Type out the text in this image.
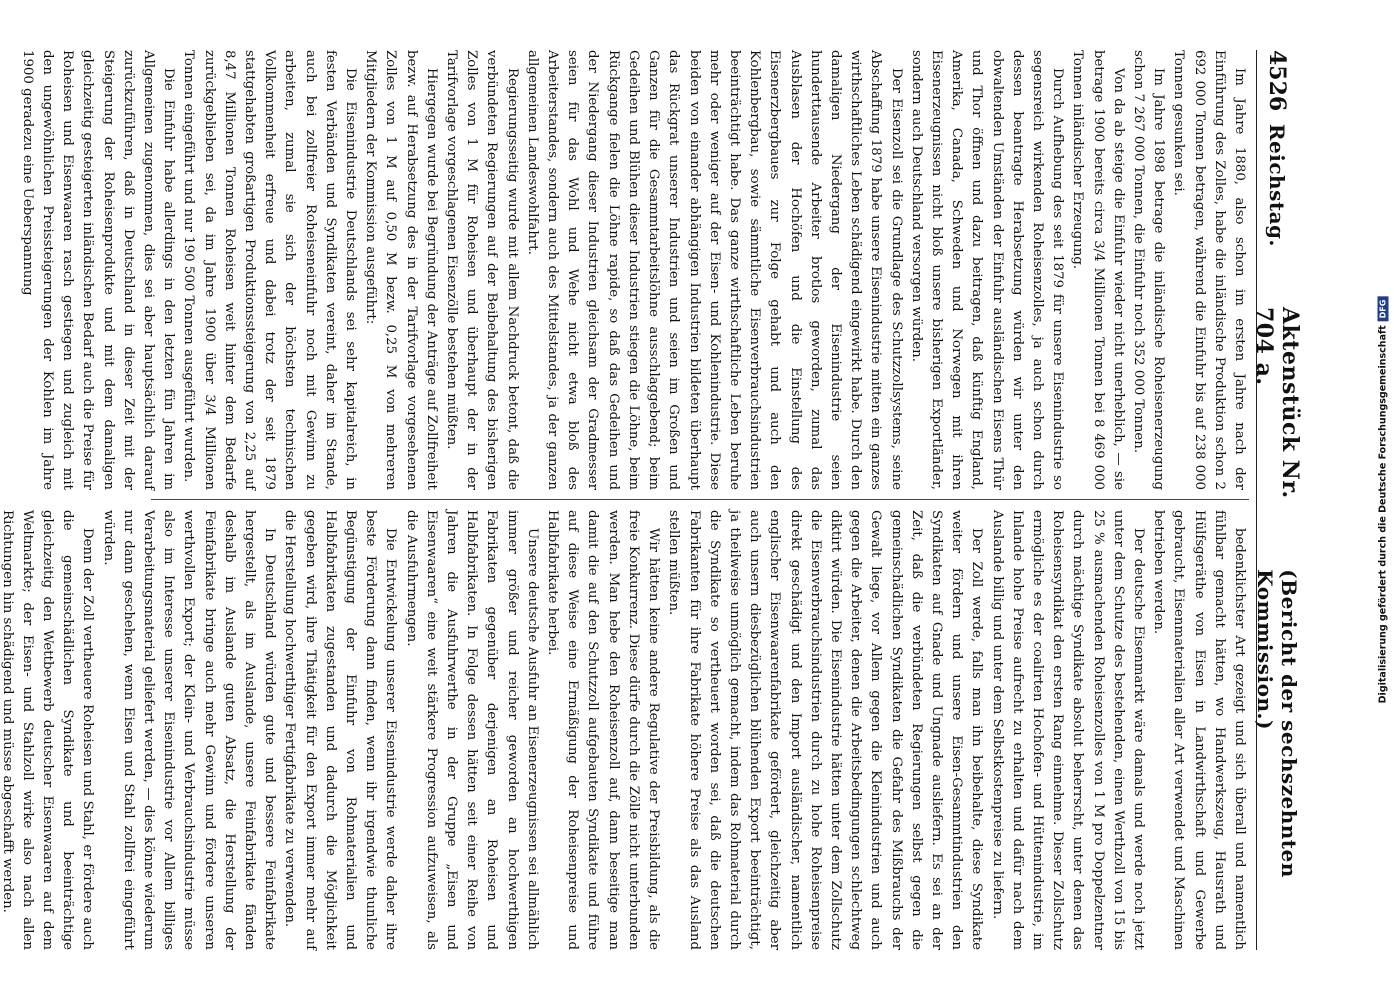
4526
Reichstag.
Aktenstück Nr. 704 a.
(Bericht der sechszehnten Kommission.)

Im Jahre 1880, also schon im ersten Jahre nach der Einführung des Zolles, habe die inländische Produktion schon 2 692 000 Tonnen betragen, während die Einfuhr bis auf 238 000 Tonnen gesunken sei.

Im Jahre 1898 betrage die inländische Roheisenerzeugung schon 7 267 000 Tonnen, die Einfuhr noch 352 000 Tonnen.

Von da ab steige die Einfuhr wieder nicht unerheblich, — sie betrage 1900 bereits circa 3/4 Millionen Tonnen bei 8 469 000 Tonnen inländischer Erzeugung.

Durch Aufhebung des seit 1879 für unsere Eisenindustrie so segensreich wirkenden Roheisenzolles, ja auch schon durch dessen beantragte Herabsetzung würden wir unter den obwaltenden Umständen der Einfuhr ausländischen Eisens Thür und Thor öffnen und dazu beitragen, daß künftig England, Amerika, Canada, Schweden und Norwegen mit ihren Eisenerzeugnissen nicht bloß unsere bisherigen Exportländer, sondern auch Deutschland versorgen würden.

Der Eisenzoll sei die Grundlage des Schutzzollsystems, seine Abschaffung 1879 habe unsere Eisenindustrie mitten ein ganzes wirthschaftliches Leben schädigend eingewirkt habe. Durch den damaligen Niedergang der Eisenindustrie seien hunderttausende Arbeiter brotlos geworden, zumal das Ausblasen der Hochöfen und die Einstellung des Eisenerzbergbaues zur Folge gehabt und auch den Kohlenbergbau, sowie sämmtliche Eisenverbrauchsindustrien beeinträchtigt habe. Das ganze wirthschaftliche Leben beruhe mehr oder weniger auf der Eisen- und Kohlenindustrie. Diese beiden von einander abhängigen Industrien bildeten überhaupt das Rückgrat unserer Industrien und seien im Großen und Ganzen für die Gesammtarbeitslöhne ausschlaggebend; beim Gedeihen und Blühen dieser Industrien stiegen die Löhne, beim Rückgange fielen die Löhne rapide, so daß das Gedeihen und der Niedergang dieser Industrien gleichsam der Gradmesser seien für das Wohl und Wehe nicht etwa bloß des Arbeiterstandes, sondern auch des Mittelstandes, ja der ganzen allgemeinen Landeswohlfahrt.

Regierungsseitig wurde mit allem Nachdruck betont, daß die verbündeten Regierungen auf der Beibehaltung des bisherigen Zolles von 1 M für Roheisen und überhaupt der in der Tarifvorlage vorgeschlagenen Eisenzölle bestehen müßten.

Hiergegen wurde bei Begründung der Anträge auf Zollfreiheit bezw. auf Herabsetzung des in der Tarifvorlage vorgesehenen Zolles von 1 M auf 0,50 M bezw. 0,25 M von mehreren Mitgliedern der Kommission ausgeführt:

Die Eisenindustrie Deutschlands sei sehr kapitalreich, in festen Verbänden und Syndikaten vereint, daher im Stande, auch bei zollfreier Roheiseneinfuhr noch mit Gewinn zu arbeiten, zumal sie sich der höchsten technischen Vollkommenheit erfreue und dabei trotz der seit 1879 stattgehabten großartigen Produktionssteigerung von 2,25 auf 8,47 Millionen Tonnen Roheisen weit hinter dem Bedarfe zurückgeblieben sei, da im Jahre 1900 über 3/4 Millionen Tonnen eingeführt und nur 190 500 Tonnen ausgeführt wurden.

Die Einfuhr habe allerdings in den letzten fün Jahren im Allgemeinen zugenommen, dies sei aber hauptsächlich darauf zurückzuführen, daß in Deutschland in dieser Zeit mit der Steigerung der Roheisenprodukte und mit dem damaligen gleichzeitig gesteigerten inländischen Bedarf auch die Preise für Roheisen und Eisenwaaren rasch gestiegen und zugleich mit den ungewöhnlichen Preissteigerungen der Kohlen im Jahre 1900 geradezu eine Ueberspannung

bedenklichster Art gezeigt und sich überall und namentlich fühlbar gemacht hätten, wo Handwerkszeug, Hausrath und Hülfsgeräthe von Eisen in Landwirthschaft und Gewerbe gebraucht, Eisenmaterialien aller Art verwendet und Maschinen betrieben werden.

Der deutsche Eisenmarkt wäre damals und werde noch jetzt unter dem Schutze des bestehenden, einen Werthzoll von 15 bis 25 % ausmachenden Roheisenzolles von 1 M pro Doppelzentner durch mächtige Syndikate absolut beherrscht, unter denen das Roheisensyndikat den ersten Rang einnehme. Dieser Zollschutz ermögliche es der coalirten Hochofen- und Hüttenindustrie, im Inlande hohe Preise aufrecht zu erhalten und dafür nach dem Auslande billig und unter dem Selbstkostenpreise zu liefern.

Der Zoll werde, falls man ihn beibehalte, diese Syndikate weiter fördern und unsere Eisen-Gesammtindustrien den Syndikaten auf Gnade und Ungnade ausliefern. Es sei an der Zeit, daß die verbündeten Regierungen selbst gegen die gemeinschädlichen Syndikaten die Gefahr des Mißbrauchs der Gewalt liege, vor Allem gegen die Kleinindustrien und auch gegen die Arbeiter, denen die Arbeitsbedingungen schlechtweg diktirt würden. Die Eisenindustrie hätten unter dem Zollschutz die Eisenverbrauchsindustrien durch zu hohe Roheisenpreise direkt geschädigt und den Import ausländischer, namentlich englischer Eisenwaarenfabrikate gefördert, gleichzeitig aber auch unsern diesbezüglichen blühenden Export beeinträchtigt, ja theilweise unmöglich gemacht, indem das Rohmaterial durch die Syndikate so vertheuert worden sei, daß die deutschen Fabrikanten für ihre Fabrikate höhere Preise als das Ausland stellen müßten.

Wir hätten keine andere Regulative der Preisbildung, als die freie Konkurrenz. Diese dürfe durch die Zölle nicht unterbunden werden. Man hebe den Roheisenzoll auf, dann beseitige man damit die auf den Schutzzoll aufgebauten Syndikate und führe auf diese Weise eine Ermäßigung der Roheisenpreise und Halbfabrikate herbei.

Unsere deutsche Ausfuhr an Eisenerzeugnissen sei allmählich immer größer und reicher geworden an hochwerthigen Fabrikaten gegenüber derjenigen an Roheisen und Halbfabrikaten. In Folge dessen hätten seit einer Reihe von Jahren die Ausfuhrwerthe in der Gruppe „Eisen und Eisenwaaren“ eine weit stärkere Progression aufzuweisen, als die Ausfuhrmengen.

Die Entwickelung unserer Eisenindustrie werde daher ihre beste Förderung dann finden, wenn ihr irgendwie thunliche Begünstigung der Einfuhr von Rohmaterialien und Halbfabrikaten zugestanden und dadurch die Möglichkeit gegeben wird, ihre Thätigkeit für den Export immer mehr auf die Herstellung hochwerthiger Fertigfabrikate zu verwenden.

In Deutschland würden gute und bessere Feinfabrikate hergestellt, als im Auslande, unsere Feinfabrikate fänden deshalb im Auslande guten Absatz, die Herstellung der Feinfabrikate bringe auch mehr Gewinn und fördere unseren werthvollen Export; der Klein- und Verbrauchsindustrie müsse also im Interesse unserer Eisenindustrie vor Allem billiges Verarbeitungsmaterial geliefert werden, — dies könne wiederum nur dann geschehen, wenn Eisen und Stahl zollfrei eingeführt würden.

Denn der Zoll vertheuere Roheisen und Stahl, er fördere auch die gemeinschädlichen Syndikate und beeinträchtige gleichzeitig den Wettbewerb deutscher Eisenwaaren auf dem Weltmarkte; der Eisen- und Stahlzoll wirke also nach allen Richtungen hin schädigend und müsse abgeschafft werden.	Digitalisierung gefördert durch die Deutsche Forschungsgemeinschaft
DFG
